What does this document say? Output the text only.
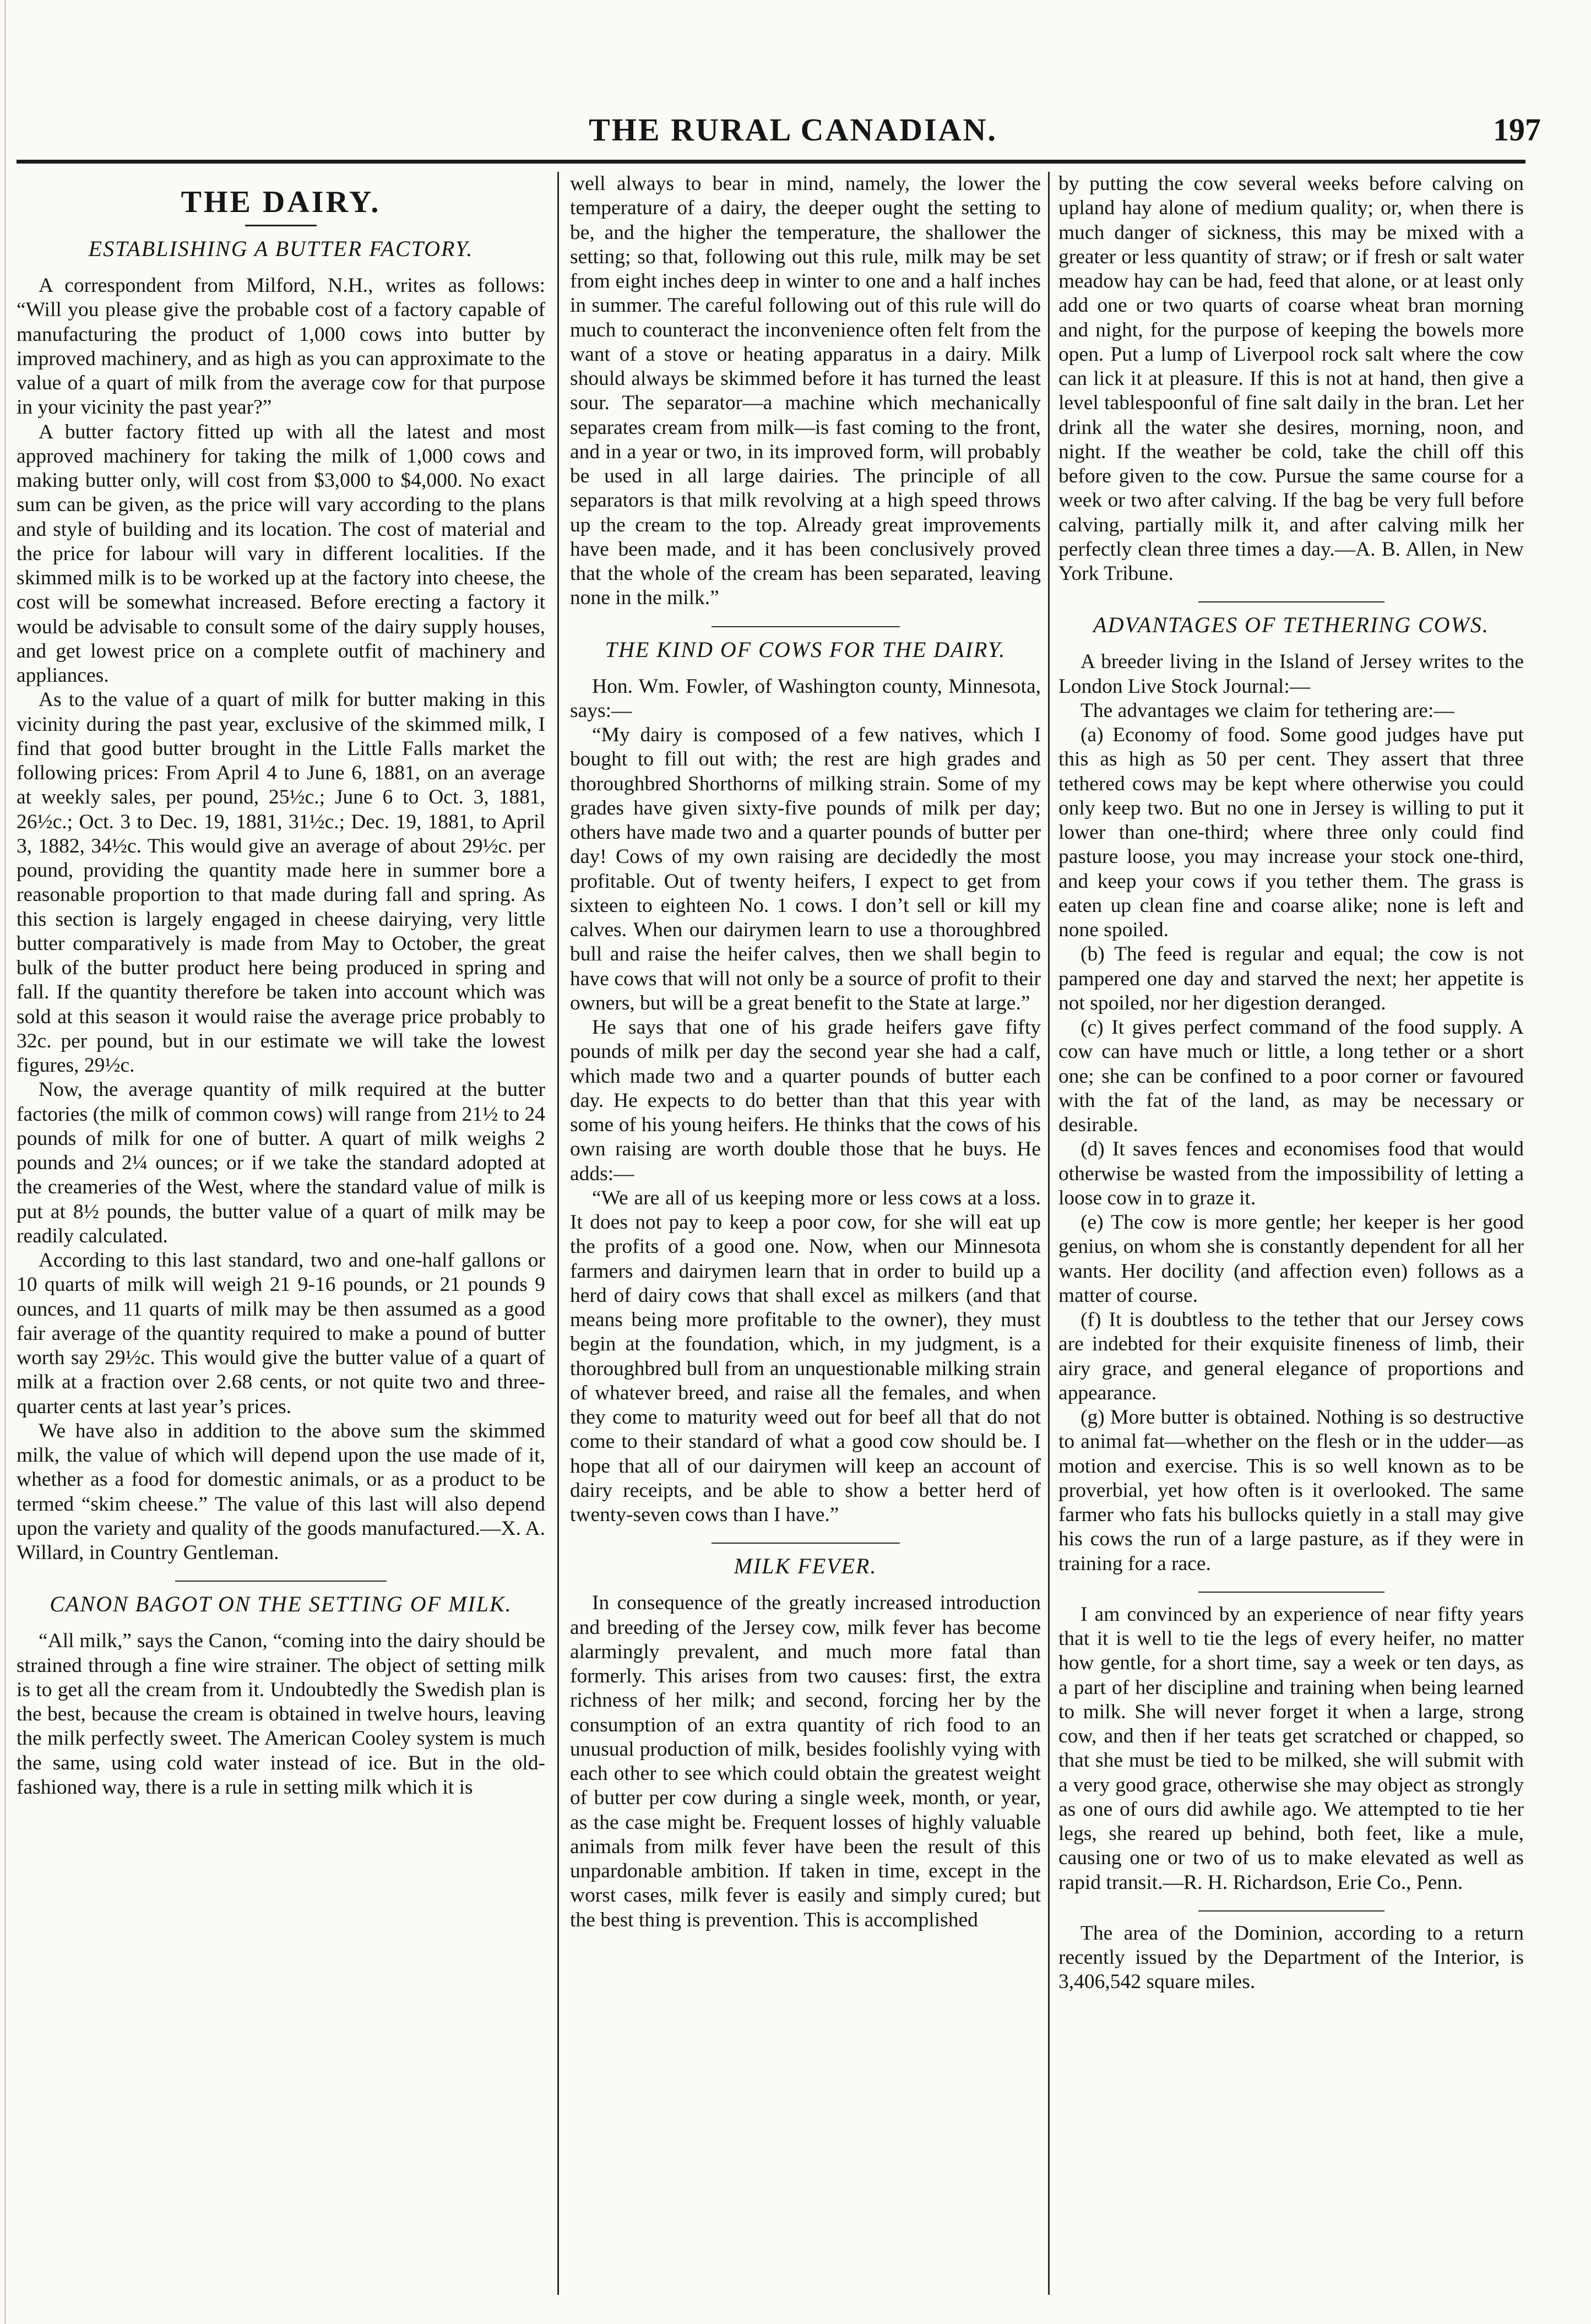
THE RURAL CANADIAN.	197
THE DAIRY.
ESTABLISHING A BUTTER FACTORY.

A correspondent from Milford, N.H., writes as follows: “Will you please give the probable cost of a factory capable of manufacturing the product of 1,000 cows into butter by improved machinery, and as high as you can approximate to the value of a quart of milk from the average cow for that purpose in your vicinity the past year?”

A butter factory fitted up with all the latest and most approved machinery for taking the milk of 1,000 cows and making butter only, will cost from $3,000 to $4,000. No exact sum can be given, as the price will vary according to the plans and style of building and its location. The cost of material and the price for labour will vary in different localities. If the skimmed milk is to be worked up at the factory into cheese, the cost will be somewhat increased. Before erecting a factory it would be advisable to consult some of the dairy supply houses, and get lowest price on a complete outfit of machinery and appliances.

As to the value of a quart of milk for butter making in this vicinity during the past year, exclusive of the skimmed milk, I find that good butter brought in the Little Falls market the following prices: From April 4 to June 6, 1881, on an average at weekly sales, per pound, 25½c.; June 6 to Oct. 3, 1881, 26½c.; Oct. 3 to Dec. 19, 1881, 31½c.; Dec. 19, 1881, to April 3, 1882, 34½c. This would give an average of about 29½c. per pound, providing the quantity made here in summer bore a reasonable proportion to that made during fall and spring. As this section is largely engaged in cheese dairying, very little butter comparatively is made from May to October, the great bulk of the butter product here being produced in spring and fall. If the quantity therefore be taken into account which was sold at this season it would raise the average price probably to 32c. per pound, but in our estimate we will take the lowest figures, 29½c.

Now, the average quantity of milk required at the butter factories (the milk of common cows) will range from 21½ to 24 pounds of milk for one of butter. A quart of milk weighs 2 pounds and 2¼ ounces; or if we take the standard adopted at the creameries of the West, where the standard value of milk is put at 8½ pounds, the butter value of a quart of milk may be readily calculated.

According to this last standard, two and one-half gallons or 10 quarts of milk will weigh 21 9-16 pounds, or 21 pounds 9 ounces, and 11 quarts of milk may be then assumed as a good fair average of the quantity required to make a pound of butter worth say 29½c. This would give the butter value of a quart of milk at a fraction over 2.68 cents, or not quite two and three-quarter cents at last year’s prices.

We have also in addition to the above sum the skimmed milk, the value of which will depend upon the use made of it, whether as a food for domestic animals, or as a product to be termed “skim cheese.” The value of this last will also depend upon the variety and quality of the goods manufactured.—X. A. Willard, in Country Gentleman.

CANON BAGOT ON THE SETTING OF MILK.

“All milk,” says the Canon, “coming into the dairy should be strained through a fine wire strainer. The object of setting milk is to get all the cream from it. Undoubtedly the Swedish plan is the best, because the cream is obtained in twelve hours, leaving the milk perfectly sweet. The American Cooley system is much the same, using cold water instead of ice. But in the old-fashioned way, there is a rule in setting milk which it is

well always to bear in mind, namely, the lower the temperature of a dairy, the deeper ought the setting to be, and the higher the temperature, the shallower the setting; so that, following out this rule, milk may be set from eight inches deep in winter to one and a half inches in summer. The careful following out of this rule will do much to counteract the inconvenience often felt from the want of a stove or heating apparatus in a dairy. Milk should always be skimmed before it has turned the least sour. The separator—a machine which mechanically separates cream from milk—is fast coming to the front, and in a year or two, in its improved form, will probably be used in all large dairies. The principle of all separators is that milk revolving at a high speed throws up the cream to the top. Already great improvements have been made, and it has been conclusively proved that the whole of the cream has been separated, leaving none in the milk.”

THE KIND OF COWS FOR THE DAIRY.

Hon. Wm. Fowler, of Washington county, Minnesota, says:—

“My dairy is composed of a few natives, which I bought to fill out with; the rest are high grades and thoroughbred Shorthorns of milking strain. Some of my grades have given sixty-five pounds of milk per day; others have made two and a quarter pounds of butter per day! Cows of my own raising are decidedly the most profitable. Out of twenty heifers, I expect to get from sixteen to eighteen No. 1 cows. I don’t sell or kill my calves. When our dairymen learn to use a thoroughbred bull and raise the heifer calves, then we shall begin to have cows that will not only be a source of profit to their owners, but will be a great benefit to the State at large.”

He says that one of his grade heifers gave fifty pounds of milk per day the second year she had a calf, which made two and a quarter pounds of butter each day. He expects to do better than that this year with some of his young heifers. He thinks that the cows of his own raising are worth double those that he buys. He adds:—

“We are all of us keeping more or less cows at a loss. It does not pay to keep a poor cow, for she will eat up the profits of a good one. Now, when our Minnesota farmers and dairymen learn that in order to build up a herd of dairy cows that shall excel as milkers (and that means being more profitable to the owner), they must begin at the foundation, which, in my judgment, is a thoroughbred bull from an unquestionable milking strain of whatever breed, and raise all the females, and when they come to maturity weed out for beef all that do not come to their standard of what a good cow should be. I hope that all of our dairymen will keep an account of dairy receipts, and be able to show a better herd of twenty-seven cows than I have.”

MILK FEVER.

In consequence of the greatly increased introduction and breeding of the Jersey cow, milk fever has become alarmingly prevalent, and much more fatal than formerly. This arises from two causes: first, the extra richness of her milk; and second, forcing her by the consumption of an extra quantity of rich food to an unusual production of milk, besides foolishly vying with each other to see which could obtain the greatest weight of butter per cow during a single week, month, or year, as the case might be. Frequent losses of highly valuable animals from milk fever have been the result of this unpardonable ambition. If taken in time, except in the worst cases, milk fever is easily and simply cured; but the best thing is prevention. This is accomplished

by putting the cow several weeks before calving on upland hay alone of medium quality; or, when there is much danger of sickness, this may be mixed with a greater or less quantity of straw; or if fresh or salt water meadow hay can be had, feed that alone, or at least only add one or two quarts of coarse wheat bran morning and night, for the purpose of keeping the bowels more open. Put a lump of Liverpool rock salt where the cow can lick it at pleasure. If this is not at hand, then give a level tablespoonful of fine salt daily in the bran. Let her drink all the water she desires, morning, noon, and night. If the weather be cold, take the chill off this before given to the cow. Pursue the same course for a week or two after calving. If the bag be very full before calving, partially milk it, and after calving milk her perfectly clean three times a day.—A. B. Allen, in New York Tribune.

ADVANTAGES OF TETHERING COWS.

A breeder living in the Island of Jersey writes to the London Live Stock Journal:—

The advantages we claim for tethering are:—

(a) Economy of food. Some good judges have put this as high as 50 per cent. They assert that three tethered cows may be kept where otherwise you could only keep two. But no one in Jersey is willing to put it lower than one-third; where three only could find pasture loose, you may increase your stock one-third, and keep your cows if you tether them. The grass is eaten up clean fine and coarse alike; none is left and none spoiled.

(b) The feed is regular and equal; the cow is not pampered one day and starved the next; her appetite is not spoiled, nor her digestion deranged.

(c) It gives perfect command of the food supply. A cow can have much or little, a long tether or a short one; she can be confined to a poor corner or favoured with the fat of the land, as may be necessary or desirable.

(d) It saves fences and economises food that would otherwise be wasted from the impossibility of letting a loose cow in to graze it.

(e) The cow is more gentle; her keeper is her good genius, on whom she is constantly dependent for all her wants. Her docility (and affection even) follows as a matter of course.

(f) It is doubtless to the tether that our Jersey cows are indebted for their exquisite fineness of limb, their airy grace, and general elegance of proportions and appearance.

(g) More butter is obtained. Nothing is so destructive to animal fat—whether on the flesh or in the udder—as motion and exercise. This is so well known as to be proverbial, yet how often is it overlooked. The same farmer who fats his bullocks quietly in a stall may give his cows the run of a large pasture, as if they were in training for a race.

I am convinced by an experience of near fifty years that it is well to tie the legs of every heifer, no matter how gentle, for a short time, say a week or ten days, as a part of her discipline and training when being learned to milk. She will never forget it when a large, strong cow, and then if her teats get scratched or chapped, so that she must be tied to be milked, she will submit with a very good grace, otherwise she may object as strongly as one of ours did awhile ago. We attempted to tie her legs, she reared up behind, both feet, like a mule, causing one or two of us to make elevated as well as rapid transit.—R. H. Richardson, Erie Co., Penn.

The area of the Dominion, according to a return recently issued by the Department of the Interior, is 3,406,542 square miles.
